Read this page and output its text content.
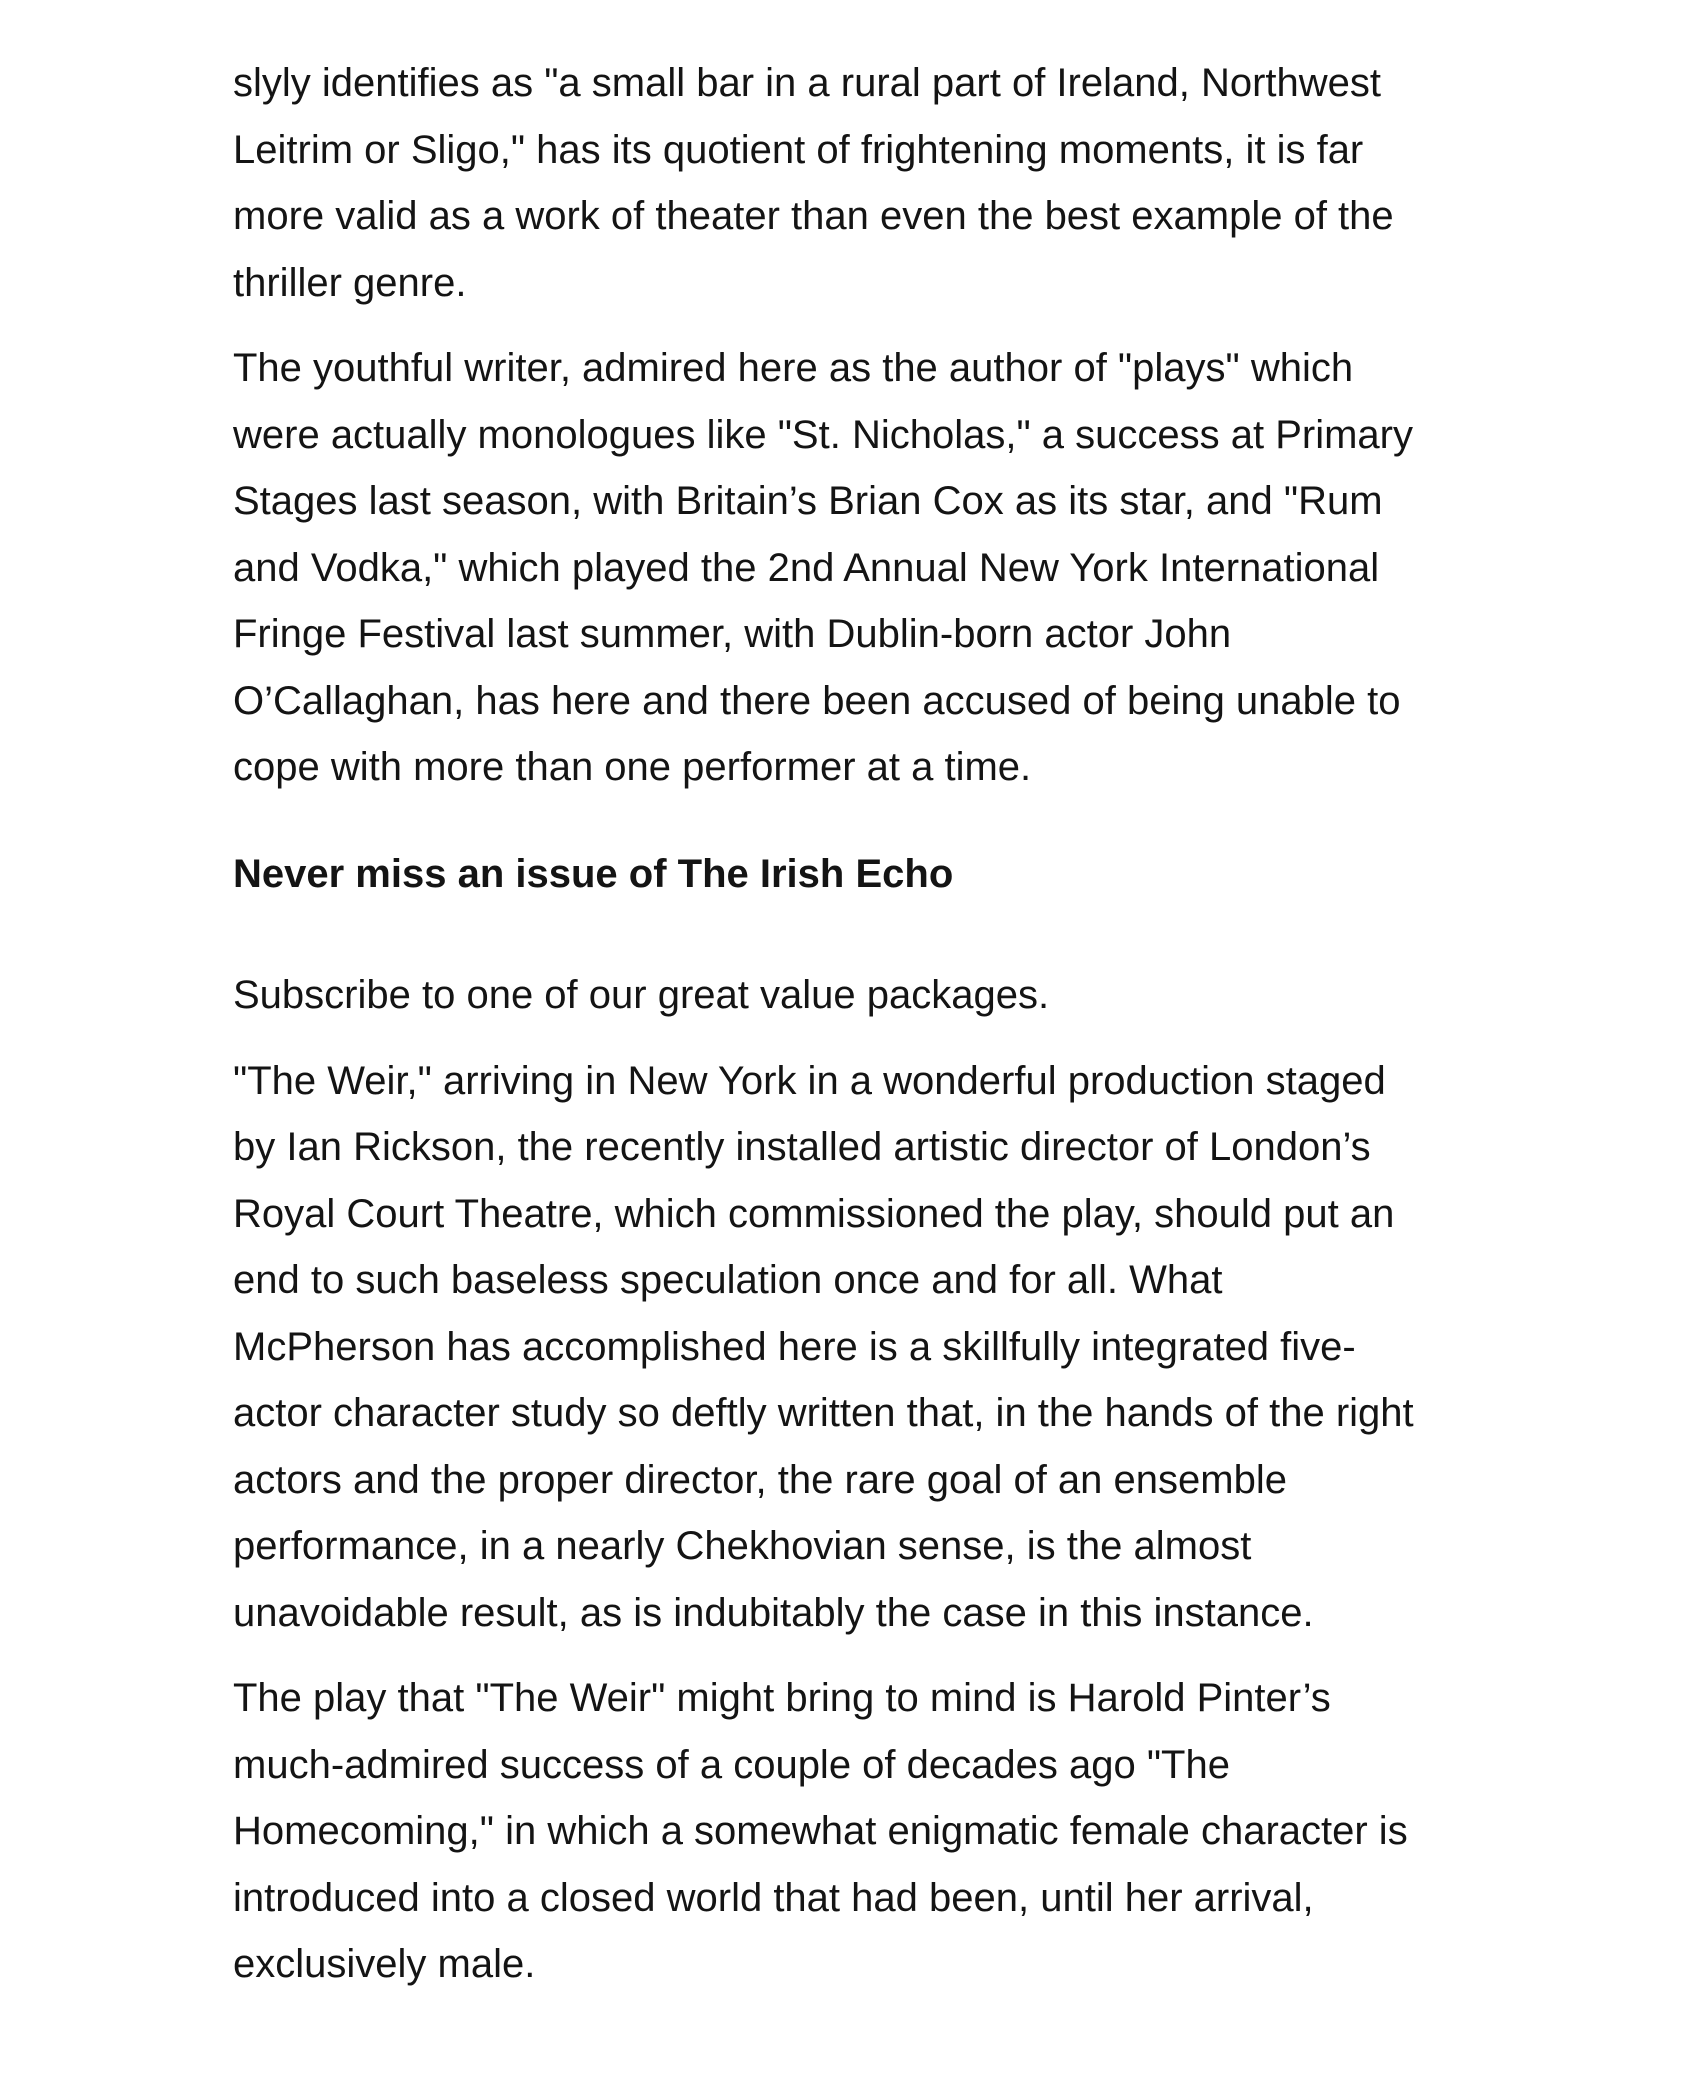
slyly identifies as "a small bar in a rural part of Ireland, Northwest
Leitrim or Sligo," has its quotient of frightening moments, it is far
more valid as a work of theater than even the best example of the
thriller genre.

The youthful writer, admired here as the author of "plays" which
were actually monologues like "St. Nicholas," a success at Primary
Stages last season, with Britain’s Brian Cox as its star, and "Rum
and Vodka," which played the 2nd Annual New York International
Fringe Festival last summer, with Dublin-born actor John
O’Callaghan, has here and there been accused of being unable to
cope with more than one performer at a time.

Never miss an issue of The Irish Echo

Subscribe to one of our great value packages.

"The Weir," arriving in New York in a wonderful production staged
by Ian Rickson, the recently installed artistic director of London’s
Royal Court Theatre, which commissioned the play, should put an
end to such baseless speculation once and for all. What
McPherson has accomplished here is a skillfully integrated five-
actor character study so deftly written that, in the hands of the right
actors and the proper director, the rare goal of an ensemble
performance, in a nearly Chekhovian sense, is the almost
unavoidable result, as is indubitably the case in this instance.

The play that "The Weir" might bring to mind is Harold Pinter’s
much-admired success of a couple of decades ago "The
Homecoming," in which a somewhat enigmatic female character is
introduced into a closed world that had been, until her arrival,
exclusively male.
